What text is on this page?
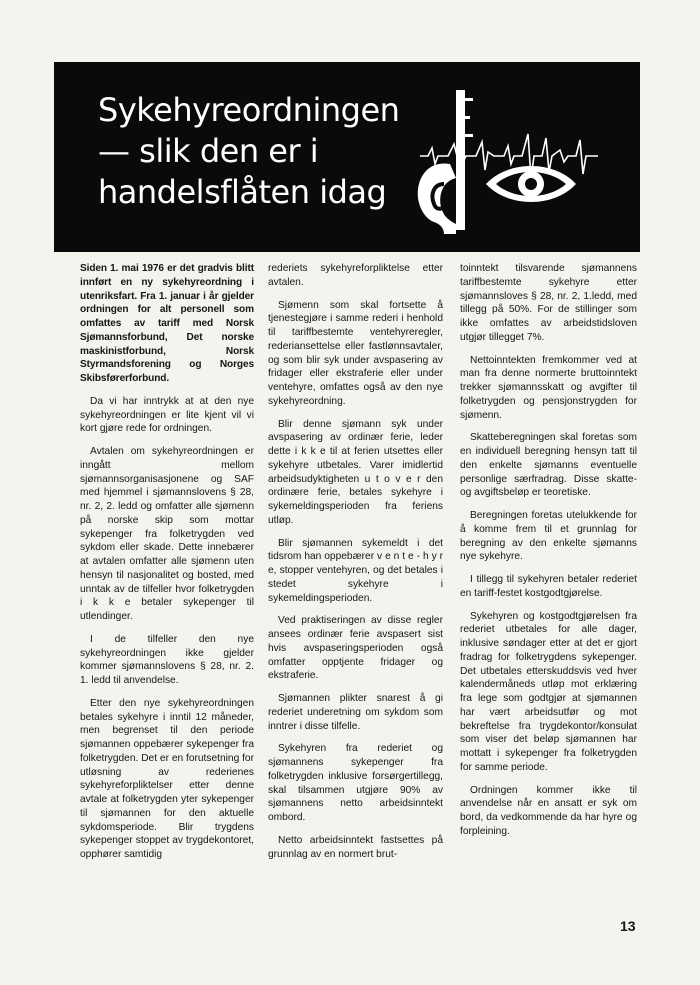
Sykehyreordningen
— slik den er i
handelsflåten idag

Siden 1. mai 1976 er det gradvis blitt innført en ny sykehyreordning i utenriksfart. Fra 1. januar i år gjelder ordningen for alt personell som omfattes av tariff med Norsk Sjømannsforbund, Det norske maskinistforbund, Norsk Styrmandsforening og Norges Skibsførerforbund.

Da vi har inntrykk at at den nye sykehyreordningen er lite kjent vil vi kort gjøre rede for ordningen.

Avtalen om sykehyreordningen er inngått mellom sjømannsorganisasjonene og SAF med hjemmel i sjømannslovens § 28, nr. 2, 2. ledd og omfatter alle sjømenn på norske skip som mottar sykepenger fra folketrygden ved sykdom eller skade. Dette innebærer at avtalen omfatter alle sjømenn uten hensyn til nasjonalitet og bosted, med unntak av de tilfeller hvor folketrygden i k k e betaler sykepenger til utlendinger.

I de tilfeller den nye sykehyreordningen ikke gjelder kommer sjømannslovens § 28, nr. 2. 1. ledd til anvendelse.

Etter den nye sykehyreordningen betales sykehyre i inntil 12 måneder, men begrenset til den periode sjømannen oppebærer sykepenger fra folketrygden. Det er en forutsetning for utløsning av rederienes sykehyreforpliktelser etter denne avtale at folketrygden yter sykepenger til sjømannen for den aktuelle sykdomsperiode. Blir trygdens sykepenger stoppet av trygdekontoret, opphører samtidig

rederiets sykehyreforpliktelse etter avtalen.

Sjømenn som skal fortsette å tjenestegjøre i samme rederi i henhold til tariffbestemte ventehyreregler, rederiansettelse eller fastlønnsavtaler, og som blir syk under avspasering av fridager eller ekstraferie eller under ventehyre, omfattes også av den nye sykehyreordning.

Blir denne sjømann syk under avspasering av ordinær ferie, leder dette i k k e til at ferien utsettes eller sykehyre utbetales. Varer imidlertid arbeidsudyktigheten u t o v e r den ordinære ferie, betales sykehyre i sykemeldingsperioden fra feriens utløp.

Blir sjømannen sykemeldt i det tidsrom han oppebærer v e n t e - h y r e, stopper ventehyren, og det betales i stedet sykehyre i sykemeldingsperioden.

Ved praktiseringen av disse regler ansees ordinær ferie avspasert sist hvis avspaseringsperioden også omfatter opptjente fridager og ekstraferie.

Sjømannen plikter snarest å gi rederiet underetning om sykdom som inntrer i disse tilfelle.

Sykehyren fra rederiet og sjømannens sykepenger fra folketrygden inklusive forsørgertillegg, skal tilsammen utgjøre 90% av sjømannens netto arbeidsinntekt ombord.

Netto arbeidsinntekt fastsettes på grunnlag av en normert brut-

toinntekt tilsvarende sjømannens tariffbestemte sykehyre etter sjømannsloves § 28, nr. 2, 1.ledd, med tillegg på 50%. For de stillinger som ikke omfattes av arbeidstidsloven utgjør tillegget 7%.

Nettoinntekten fremkommer ved at man fra denne normerte bruttoinntekt trekker sjømannsskatt og avgifter til folketrygden og pensjonstrygden for sjømenn.

Skatteberegningen skal foretas som en individuell beregning hensyn tatt til den enkelte sjømanns eventuelle personlige særfradrag. Disse skatte- og avgiftsbeløp er teoretiske.

Beregningen foretas utelukkende for å komme frem til et grunnlag for beregning av den enkelte sjømanns nye sykehyre.

I tillegg til sykehyren betaler rederiet en tariff-festet kostgodtgjørelse.

Sykehyren og kostgodtgjørelsen fra rederiet utbetales for alle dager, inklusive søndager etter at det er gjort fradrag for folketrygdens sykepenger. Det utbetales etterskuddsvis ved hver kalendermåneds utløp mot erklæring fra lege som godtgjør at sjømannen har vært arbeidsutfør og mot bekreftelse fra trygdekontor/konsulat som viser det beløp sjømannen har mottatt i sykepenger fra folketrygden for samme periode.

Ordningen kommer ikke til anvendelse når en ansatt er syk om bord, da vedkommende da har hyre og forpleining.

13
